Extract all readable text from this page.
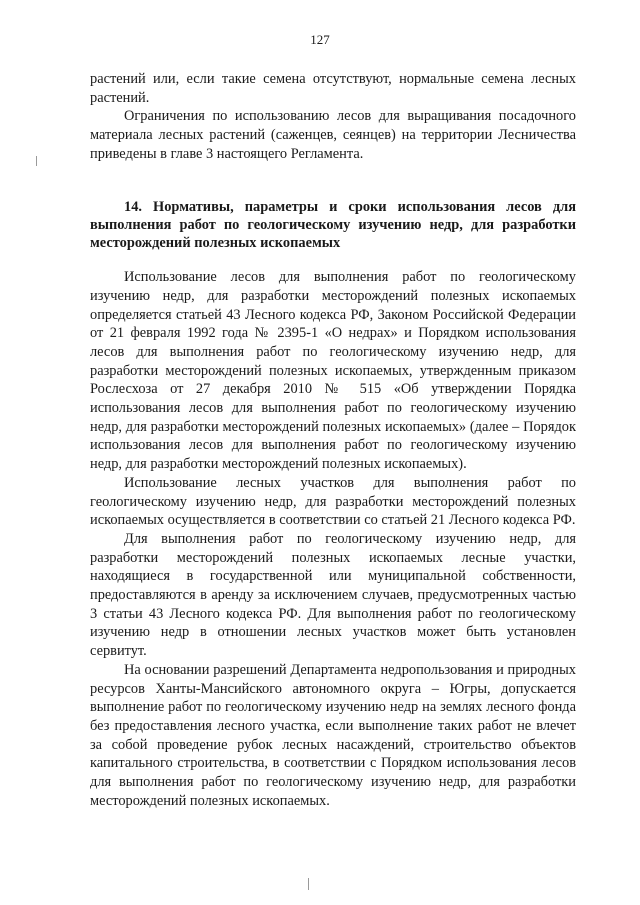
127

растений или, если такие семена отсутствуют, нормальные семена лесных растений.

Ограничения по использованию лесов для выращивания посадочного материала лесных растений (саженцев, сеянцев) на территории Лесничества приведены в главе 3 настоящего Регламента.

14. Нормативы, параметры и сроки использования лесов для выполнения работ по геологическому изучению недр, для разработки месторождений полезных ископаемых

Использование лесов для выполнения работ по геологическому изучению недр, для разработки месторождений полезных ископаемых определяется статьей 43 Лесного кодекса РФ, Законом Российской Федерации от 21 февраля 1992 года № 2395-1 «О недрах» и Порядком использования лесов для выполнения работ по геологическому изучению недр, для разработки месторождений полезных ископаемых, утвержденным приказом Рослесхоза от 27 декабря 2010 № 515 «Об утверждении Порядка использования лесов для выполнения работ по геологическому изучению недр, для разработки месторождений полезных ископаемых» (далее – Порядок использования лесов для выполнения работ по геологическому изучению недр, для разработки месторождений полезных ископаемых).

Использование лесных участков для выполнения работ по геологическому изучению недр, для разработки месторождений полезных ископаемых осуществляется в соответствии со статьей 21 Лесного кодекса РФ.

Для выполнения работ по геологическому изучению недр, для разработки месторождений полезных ископаемых лесные участки, находящиеся в государственной или муниципальной собственности, предоставляются в аренду за исключением случаев, предусмотренных частью 3 статьи 43 Лесного кодекса РФ. Для выполнения работ по геологическому изучению недр в отношении лесных участков может быть установлен сервитут.

На основании разрешений Департамента недропользования и природных ресурсов Ханты-Мансийского автономного округа – Югры, допускается выполнение работ по геологическому изучению недр на землях лесного фонда без предоставления лесного участка, если выполнение таких работ не влечет за собой проведение рубок лесных насаждений, строительство объектов капитального строительства, в соответствии с Порядком использования лесов для выполнения работ по геологическому изучению недр, для разработки месторождений полезных ископаемых.
